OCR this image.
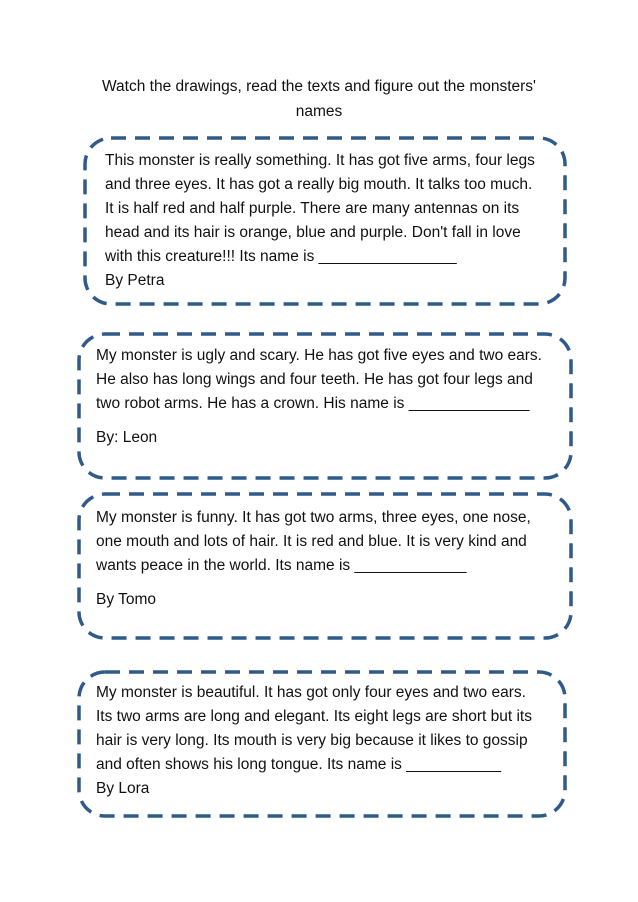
Watch the drawings, read the texts and figure out the monsters'
names

This monster is really something. It has got five arms, four legs

and three eyes. It has got a really big mouth. It talks too much.

It is half red and half purple. There are many antennas on its

head and its hair is orange, blue and purple. Don't fall in love

with this creature!!! Its name is ________________

By Petra

My monster is ugly and scary. He has got five eyes and two ears.

He also has long wings and four teeth. He has got four legs and

two robot arms. He has a crown. His name is ______________

By: Leon

My monster is funny. It has got two arms, three eyes, one nose,

one mouth and lots of hair. It is red and blue. It is very kind and

wants peace in the world. Its name is _____________

By Tomo

My monster is beautiful. It has got only four eyes and two ears.

Its two arms are long and elegant. Its eight legs are short but its

hair is very long. Its mouth is very big because it likes to gossip

and often shows his long tongue. Its name is ___________

By Lora
